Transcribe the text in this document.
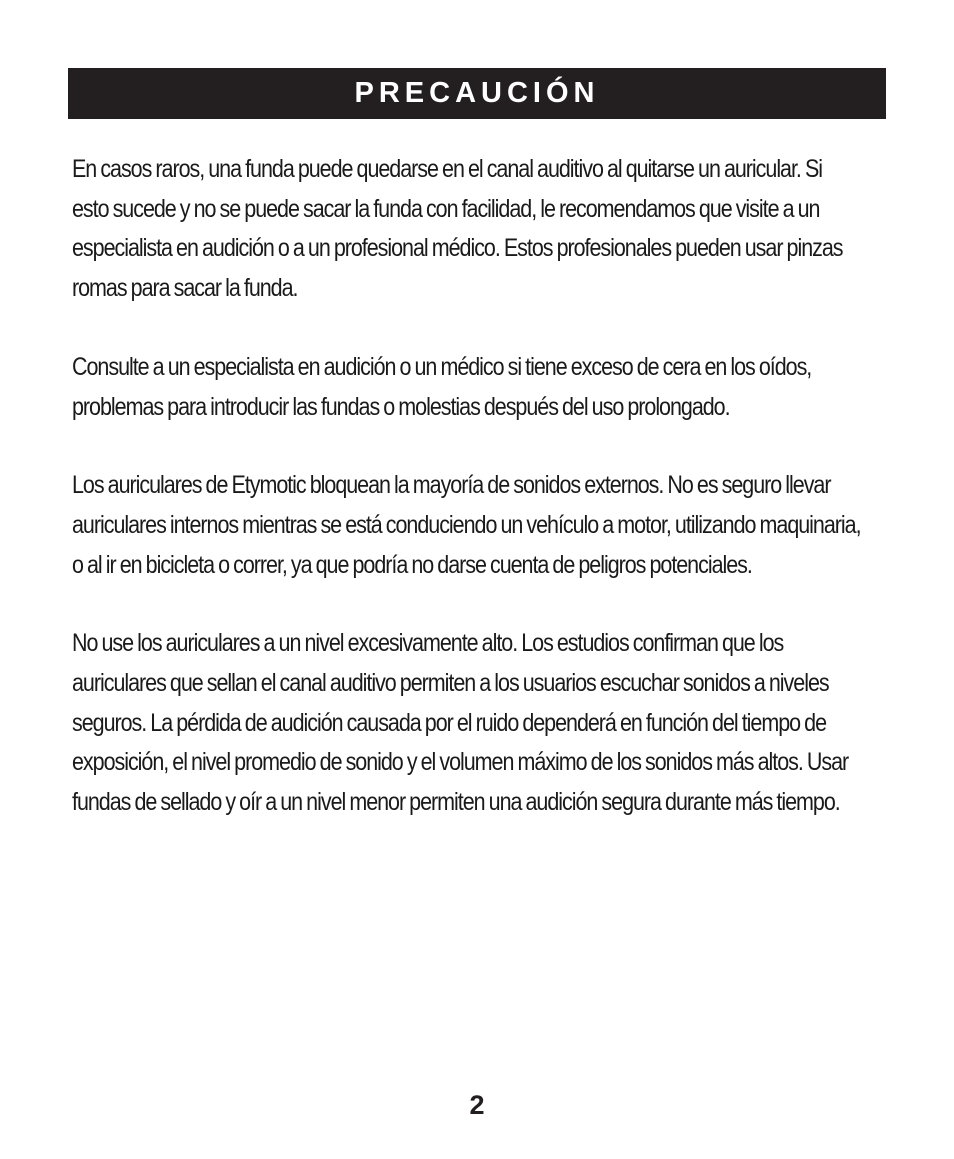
PRECAUCIÓN

En casos raros, una funda puede quedarse en el canal auditivo al quitarse un auricular. Si esto sucede y no se puede sacar la funda con facilidad, le recomendamos que visite a un especialista en audición o a un profesional médico. Estos profesionales pueden usar pinzas romas para sacar la funda.

Consulte a un especialista en audición o un médico si tiene exceso de cera en los oídos, problemas para introducir las fundas o molestias después del uso prolongado.

Los auriculares de Etymotic bloquean la mayoría de sonidos externos. No es seguro llevar auriculares internos mientras se está conduciendo un vehículo a motor, utilizando maquinaria, o al ir en bicicleta o correr, ya que podría no darse cuenta de peligros potenciales.

No use los auriculares a un nivel excesivamente alto. Los estudios confirman que los auriculares que sellan el canal auditivo permiten a los usuarios escuchar sonidos a niveles seguros. La pérdida de audición causada por el ruido dependerá en función del tiempo de exposición, el nivel promedio de sonido y el volumen máximo de los sonidos más altos. Usar fundas de sellado y oír a un nivel menor permiten una audición segura durante más tiempo.

2
